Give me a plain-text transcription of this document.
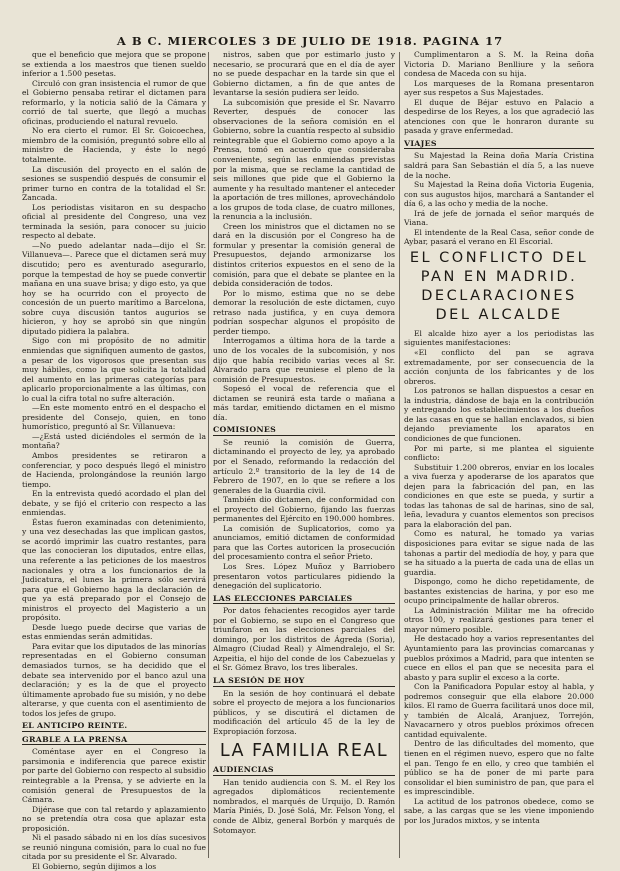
A B C. MIERCOLES 3 DE JULIO DE 1918. PAGINA 17

que el beneficio que mejora que se propone se extienda a los maestros que tienen sueldo inferior a 1.500 pesetas.

Circuló con gran insistencia el rumor de que el Gobierno pensaba retirar el dictamen para reformarlo, y la noticia salió de la Cámara y corrió de tal suerte, que llegó a muchas oficinas, produciendo el natural revuelo.

No era cierto el rumor. El Sr. Goicoechea, miembro de la comisión, preguntó sobre ello al ministro de Hacienda, y éste lo negó totalmente.

La discusión del proyecto en el salón de sesiones se suspendió después de consumir el primer turno en contra de la totalidad el Sr. Zancada.

Los periodistas visitaron en su despacho oficial al presidente del Congreso, una vez terminada la sesión, para conocer su juicio respecto al debate.

—No puedo adelantar nada—dijo el Sr. Villanueva—. Parece que el dictamen será muy discutido; pero es aventurado asegurarlo, porque la tempestad de hoy se puede convertir mañana en una suave brisa; y digo esto, ya que hoy se ha ocurrido con el proyecto de concesión de un puerto marítimo a Barcelona, sobre cuya discusión tantos augurios se hicieron, y hoy se aprobó sin que ningún diputado pidiera la palabra.

Sigo con mi propósito de no admitir enmiendas que signifiquen aumento de gastos, a pesar de los vigorosos que presentan sus muy hábiles, como la que solicita la totalidad del aumento en las primeras categorías para aplicarlo proporcionalmente a las últimas, con lo cual la cifra total no sufre alteración.

—En este momento entró en el despacho el presidente del Consejo, quien, en tono humorístico, preguntó al Sr. Villanueva:

—¿Está usted diciéndoles el sermón de la montaña?

Ambos presidentes se retiraron a conferenciar, y poco después llegó el ministro de Hacienda, prolongándose la reunión largo tiempo.

En la entrevista quedó acordado el plan del debate, y se fijó el criterio con respecto a las enmiendas.

Éstas fueron examinadas con detenimiento, y una vez desechadas las que implican gastos, se acordó imprimir las cuatro restantes, para que las conocieran los diputados, entre ellas, una referente a las peticiones de los maestros nacionales y otra a los funcionarios de la Judicatura, el lunes la primera sólo servirá para que el Gobierno haga la declaración de que ya está preparado por el Consejo de ministros el proyecto del Magisterio a un propósito.

Desde luego puede decirse que varias de estas enmiendas serán admitidas.

Para evitar que los diputados de las minorías representadas en el Gobierno consuman demasiados turnos, se ha decidido que el debate sea intervenido por el banco azul una declaración; y es la de que el proyecto últimamente aprobado fue su misión, y no debe alterarse, y que cuenta con el asentimiento de todos los jefes de grupo.

EL ANTICIPO REINTE.
GRABLE A LA PRENSA

Coméntase ayer en el Congreso la parsimonia e indiferencia que parece existir por parte del Gobierno con respecto al subsidio reintegrable a la Prensa, y se advierte en la comisión general de Presupuestos de la Cámara.

Dijérase que con tal retardo y aplazamiento no se pretendía otra cosa que aplazar esta proposición.

Ni el pasado sábado ni en los días sucesivos se reunió ninguna comisión, para lo cual no fue citada por su presidente el Sr. Alvarado.

El Gobierno, según dijimos a los

nistros, saben que por estimarlo justo y necesario, se procurará que en el día de ayer no se puede despachar en la tarde sin que el Gobierno dictamen, a fin de que antes de levantarse la sesión pudiera ser leído.

La subcomisión que preside el Sr. Navarro Reverter, después de conocer las observaciones de la señora comisión en el Gobierno, sobre la cuantía respecto al subsidio reintegrable que el Gobierno como apoyo a la Prensa, tomó en acuerdo que consideraba conveniente, según las enmiendas previstas por la misma, que se reclame la cantidad de seis millones que pide que el Gobierno la aumente y ha resultado mantener el anteceder la aportación de tres millones, aprovechándolo a los grupos de toda clase, de cuatro millones, la renuncia a la inclusión.

Creen los ministros que el dictamen no se dará en la discusión por el Congreso ha de formular y presentar la comisión general de Presupuestos, dejando armonizarse los distintos criterios expuestos en el seno de la comisión, para que el debate se plantee en la debida consideración de todos.

Por lo mismo, estima que no se debe demorar la resolución de este dictamen, cuyo retraso nada justifica, y en cuya demora podrían sospechar algunos el propósito de perder tiempo.

Interrogamos a última hora de la tarde a uno de los vocales de la subcomisión, y nos dijo que había recibido varias veces al Sr. Alvarado para que reuniese el pleno de la comisión de Presupuestos.

Sopesó el vocal de referencia que el dictamen se reunirá esta tarde o mañana a más tardar, emitiendo dictamen en el mismo día.

COMISIONES

Se reunió la comisión de Guerra, dictaminando el proyecto de ley, ya aprobado por el Senado, reformando la redacción del artículo 2.º transitorio de la ley de 14 de Febrero de 1907, en lo que se refiere a los generales de la Guardia civil.

También dio dictamen, de conformidad con el proyecto del Gobierno, fijando las fuerzas permanentes del Ejército en 190.000 hombres.

La comisión de Suplicatorios, como ya anunciamos, emitió dictamen de conformidad para que las Cortes autoricen la prosecución del procesamiento contra el señor Prieto.

Los Sres. López Muñoz y Barriobero presentaron votos particulares pidiendo la denegación del suplicatorio.

LAS ELECCIONES PARCIALES

Por datos fehacientes recogidos ayer tarde por el Gobierno, se supo en el Congreso que triunfaron en las elecciones parciales del domingo, por los distritos de Ágreda (Soria), Almagro (Ciudad Real) y Almendralejo, el Sr. Azpeitia, el hijo del conde de los Cabezuelas y el Sr. Gómez Bravo, los tres liberales.

LA SESIÓN DE HOY

En la sesión de hoy continuará el debate sobre el proyecto de mejora a los funcionarios públicos, y se discutirá el dictamen de modificación del artículo 45 de la ley de Expropiación forzosa.

LA FAMILIA REAL
AUDIENCIAS

Han tenido audiencia con S. M. el Rey los agregados diplomáticos recientemente nombrados, el marqués de Urquijo, D. Ramón María Piniés, D. José Solá, Mr. Felson Yong, el conde de Albiz, general Borbón y marqués de Sotomayor.

Cumplimentaron a S. M. la Reina doña Victoria D. Mariano Benlliure y la señora condesa de Maceda con su hija.

Los marqueses de la Romana presentaron ayer sus respetos a Sus Majestades.

El duque de Béjar estuvo en Palacio a despedirse de los Reyes, a los que agradeció las atenciones con que le honraron durante su pasada y grave enfermedad.

VIAJES

Su Majestad la Reina doña María Cristina saldrá para San Sebastián el día 5, a las nueve de la noche.

Su Majestad la Reina doña Victoria Eugenia, con sus augustos hijos, marchará a Santander el día 6, a las ocho y media de la noche.

Irá de jefe de jornada el señor marqués de Viana.

El intendente de la Real Casa, señor conde de Aybar, pasará el verano en El Escorial.

EL CONFLICTO DEL PAN EN MADRID. DECLARACIONES DEL ALCALDE

El alcalde hizo ayer a los periodistas las siguientes manifestaciones:

«El conflicto del pan se agrava extremadamente, por ser consecuencia de la acción conjunta de los fabricantes y de los obreros.

Los patronos se hallan dispuestos a cesar en la industria, dándose de baja en la contribución y entregando los establecimientos a los dueños de las casas en que se hallan enclavados, si bien dejando previamente los aparatos en condiciones de que funcionen.

Por mi parte, si me plantea el siguiente conflicto:

Substituir 1.200 obreros, enviar en los locales a viva fuerza y apoderarse de los aparatos que dejen para la fabricación del pan, en las condiciones en que este se pueda, y surtir a todas las tahonas de sal de harinas, sino de sal, leña, levadura y cuantos elementos son precisos para la elaboración del pan.

Como es natural, he tomado ya varias disposiciones para evitar se sigue nada de las tahonas a partir del mediodía de hoy, y para que se ha situado a la puerta de cada una de ellas un guardia.

Dispongo, como he dicho repetidamente, de bastantes existencias de harina, y por eso me ocupo principalmente de hallar obreros.

La Administración Militar me ha ofrecido otros 100, y realizará gestiones para tener el mayor número posible.

He destacado hoy a varios representantes del Ayuntamiento para las provincias comarcanas y pueblos próximos a Madrid, para que intenten se cuece en ellos el pan que se necesita para el abasto y para suplir el exceso a la corte.

Con la Panificadora Popular estoy al habla, y podremos conseguir que ella elabore 20.000 kilos. El ramo de Guerra facilitará unos doce mil, y también de Alcalá, Aranjuez, Torrejón, Navacarnero y otros pueblos próximos ofrecen cantidad equivalente.

Dentro de las dificultades del momento, que tienen en el régimen nuevo, espero que no falte el pan. Tengo fe en ello, y creo que también el público se ha de poner de mi parte para consolidar el bien suministro de pan, que para el es imprescindible.

La actitud de los patronos obedece, como se sabe, a las cargas que se les viene imponiendo por los Jurados mixtos, y se intenta
